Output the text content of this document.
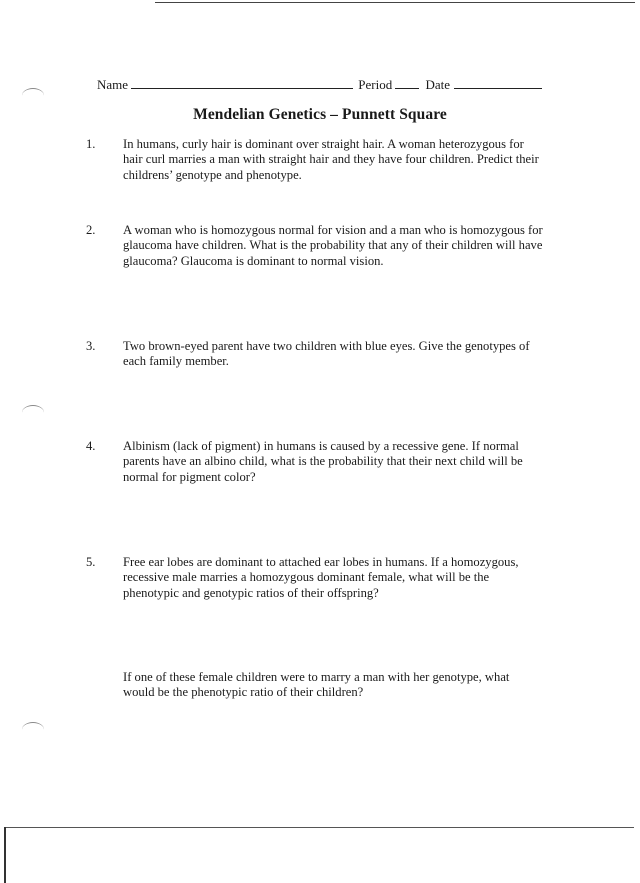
Name	Period	Date
Mendelian Genetics – Punnett Square
1. In humans, curly hair is dominant over straight hair. A woman heterozygous for hair curl marries a man with straight hair and they have four children. Predict their childrens’ genotype and phenotype.
2. A woman who is homozygous normal for vision and a man who is homozygous for glaucoma have children. What is the probability that any of their children will have glaucoma? Glaucoma is dominant to normal vision.
3. Two brown-eyed parent have two children with blue eyes. Give the genotypes of each family member.
4. Albinism (lack of pigment) in humans is caused by a recessive gene. If normal parents have an albino child, what is the probability that their next child will be normal for pigment color?
5. Free ear lobes are dominant to attached ear lobes in humans. If a homozygous, recessive male marries a homozygous dominant female, what will be the phenotypic and genotypic ratios of their offspring?
If one of these female children were to marry a man with her genotype, what would be the phenotypic ratio of their children?
